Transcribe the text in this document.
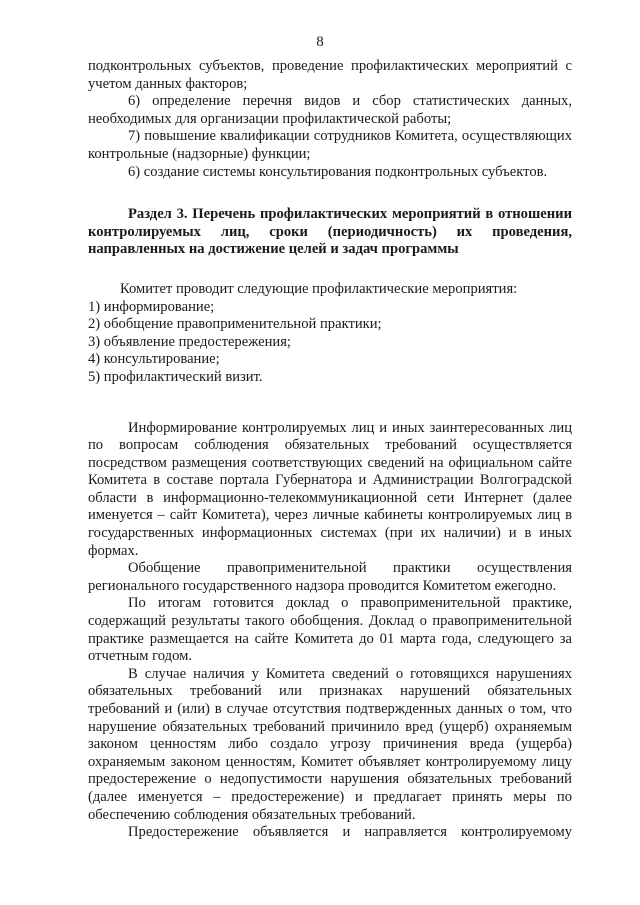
8

подконтрольных субъектов, проведение профилактических мероприятий с учетом данных факторов;

6) определение перечня видов и сбор статистических данных, необходимых для организации профилактической работы;

7) повышение квалификации сотрудников Комитета, осуществляющих контрольные (надзорные) функции;

6) создание системы консультирования подконтрольных субъектов.

Раздел 3. Перечень профилактических мероприятий в отношении контролируемых лиц, сроки (периодичность) их проведения, направленных на достижение целей и задач программы

Комитет проводит следующие профилактические мероприятия:

1) информирование;

2) обобщение правоприменительной практики;

3) объявление предостережения;

4) консультирование;

5) профилактический визит.

Информирование контролируемых лиц и иных заинтересованных лиц по вопросам соблюдения обязательных требований осуществляется посредством размещения соответствующих сведений на официальном сайте Комитета в составе портала Губернатора и Администрации Волгоградской области в информационно-телекоммуникационной сети Интернет (далее именуется – сайт Комитета), через личные кабинеты контролируемых лиц в государственных информационных системах (при их наличии) и в иных формах.

Обобщение правоприменительной практики осуществления регионального государственного надзора проводится Комитетом ежегодно.

По итогам готовится доклад о правоприменительной практике, содержащий результаты такого обобщения. Доклад о правоприменительной практике размещается на сайте Комитета до 01 марта года, следующего за отчетным годом.

В случае наличия у Комитета сведений о готовящихся нарушениях обязательных требований или признаках нарушений обязательных требований и (или) в случае отсутствия подтвержденных данных о том, что нарушение обязательных требований причинило вред (ущерб) охраняемым законом ценностям либо создало угрозу причинения вреда (ущерба) охраняемым законом ценностям, Комитет объявляет контролируемому лицу предостережение о недопустимости нарушения обязательных требований (далее именуется – предостережение) и предлагает принять меры по обеспечению соблюдения обязательных требований.

Предостережение объявляется и направляется контролируемому
